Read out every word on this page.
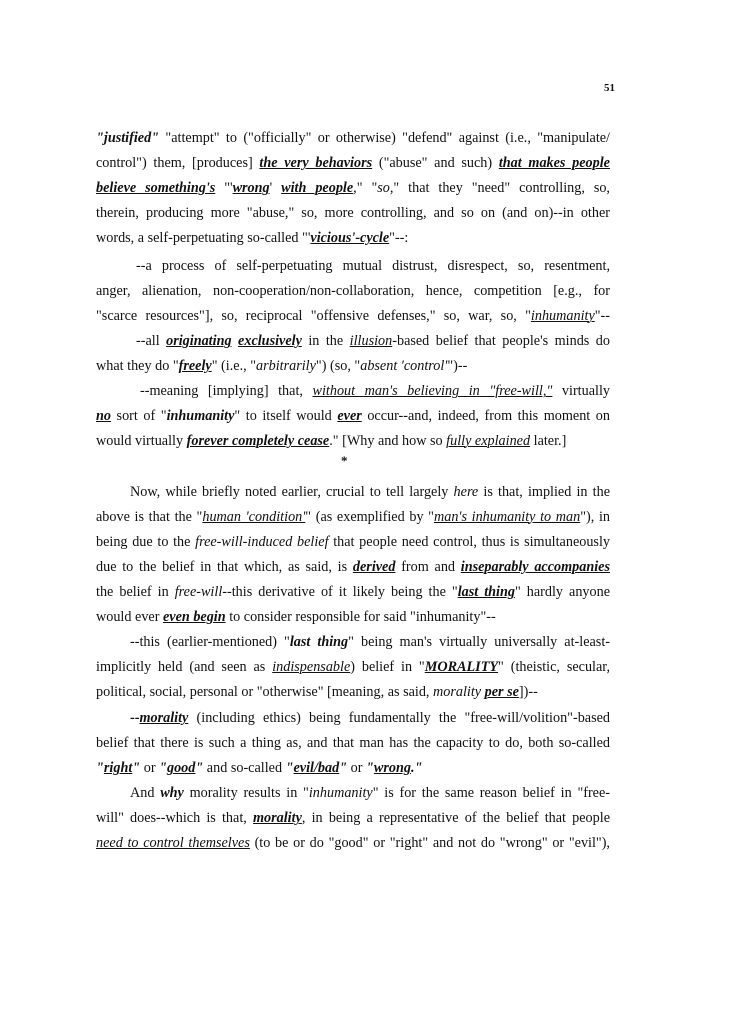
51
"justified" "attempt" to ("officially" or otherwise) "defend" against (i.e., "manipulate/
control") them, [produces] the very behaviors ("abuse" and such) that makes people
believe something's "'wrong' with people," "so," that they "need" controlling, so,
therein, producing more "abuse," so, more controlling, and so on (and on)--in other
words, a self-perpetuating so-called "'vicious'-cycle"--:
--a process of self-perpetuating mutual distrust, disrespect, so, resentment,
anger, alienation, non-cooperation/non-collaboration, hence, competition [e.g., for
"scarce resources"], so, reciprocal "offensive defenses," so, war, so, "inhumanity"--
--all originating exclusively in the illusion-based belief that people's minds do
what they do "freely" (i.e., "arbitrarily") (so, "absent 'control'")--
--meaning [implying] that, without man's believing in "free-will," virtually
no sort of "inhumanity" to itself would ever occur--and, indeed, from this moment on
would virtually forever completely cease." [Why and how so fully explained later.]
*
Now, while briefly noted earlier, crucial to tell largely here is that, implied in the
above is that the "human 'condition'" (as exemplified by "man's inhumanity to man"), in
being due to the free-will-induced belief that people need control, thus is simultaneously
due to the belief in that which, as said, is derived from and inseparably accompanies
the belief in free-will--this derivative of it likely being the "last thing" hardly anyone
would ever even begin to consider responsible for said "inhumanity"--
--this (earlier-mentioned) "last thing" being man's virtually universally at-least-
implicitly held (and seen as indispensable) belief in "MORALITY" (theistic, secular,
political, social, personal or "otherwise" [meaning, as said, morality per se])--
--morality (including ethics) being fundamentally the "free-will/volition"-based
belief that there is such a thing as, and that man has the capacity to do, both so-called
"right" or "good" and so-called "evil/bad" or "wrong."
And why morality results in "inhumanity" is for the same reason belief in "free-
will" does--which is that, morality, in being a representative of the belief that people
need to control themselves (to be or do "good" or "right" and not do "wrong" or "evil"),
